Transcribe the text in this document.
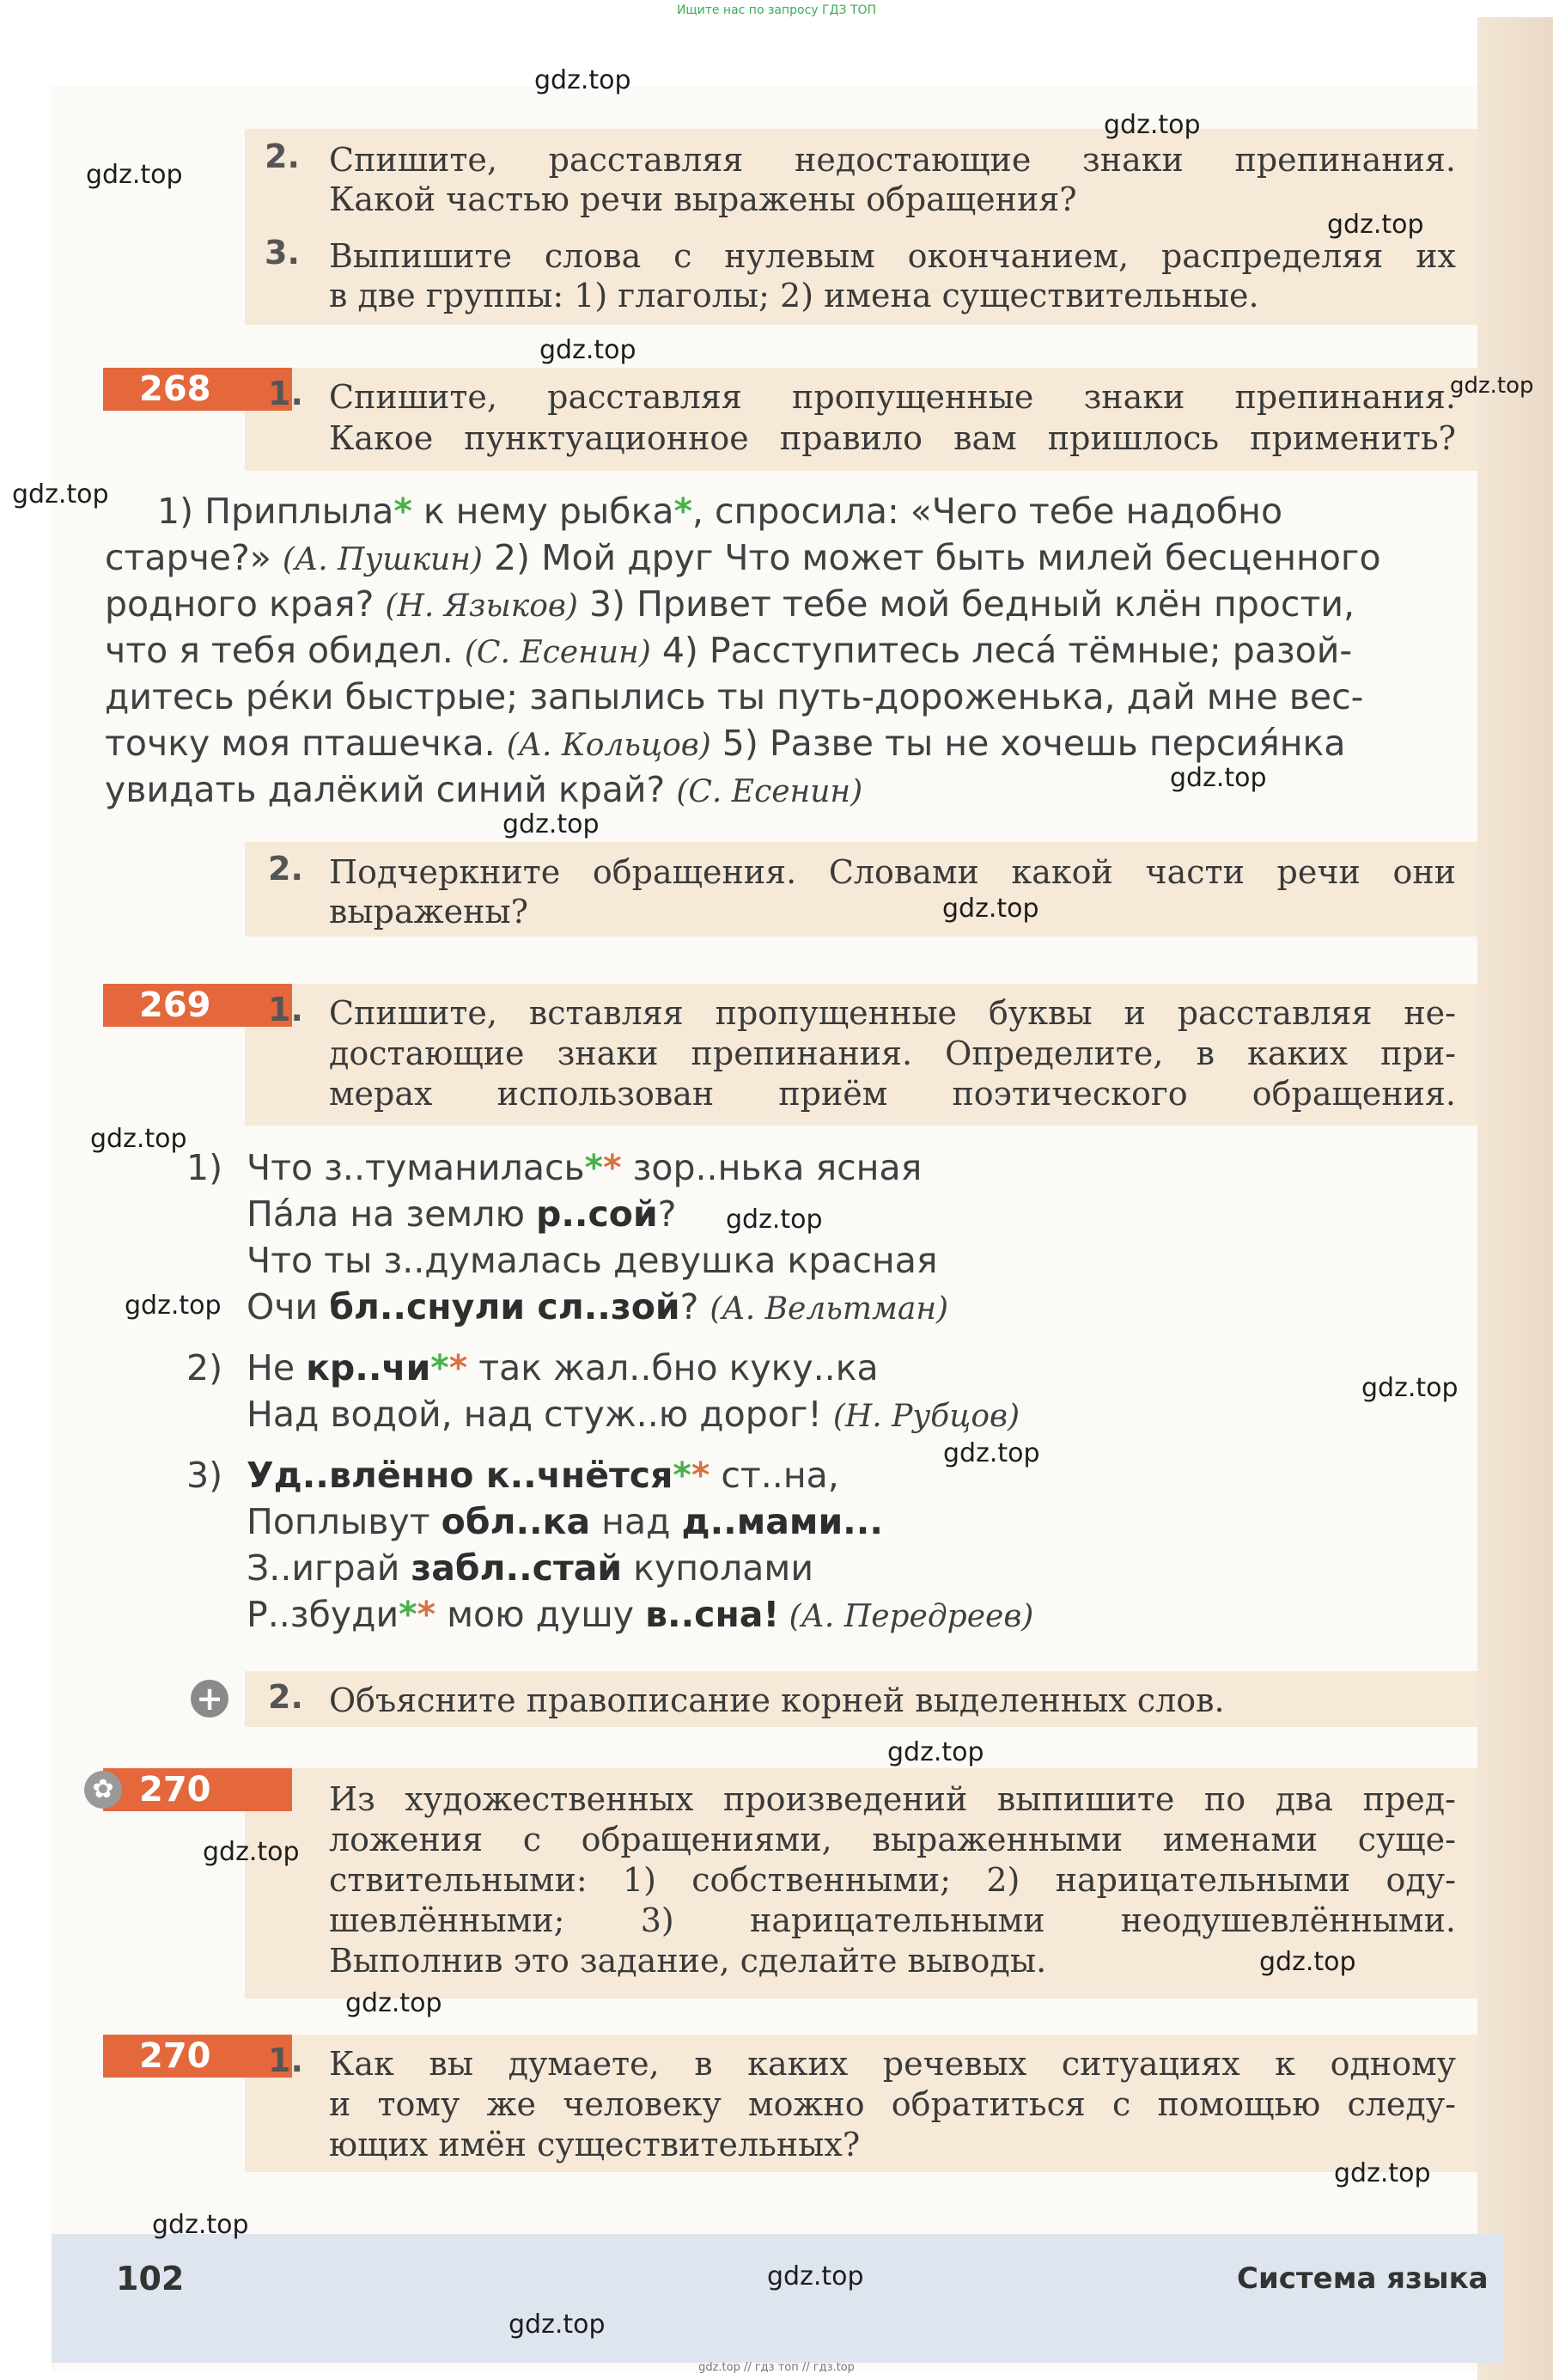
Ищите нас по запросу ГДЗ ТОП
2. Спишите, расставляя недостающие знаки препинания.
Какой частью речи выражены обращения?
3. Выпишите слова с нулевым окончанием, распределяя их
в две группы: 1) глаголы; 2) имена существительные.
268	1. Спишите, расставляя пропущенные знаки препинания.
Какое пунктуационное правило вам пришлось применить?
1) Приплыла* к нему рыбка*, спросила: «Чего тебе надобно
старче?» (А. Пушкин) 2) Мой друг Что может быть милей бесценного
родного края? (Н. Языков) 3) Привет тебе мой бедный клён прости,
что я тебя обидел. (С. Есенин) 4) Расступитесь леса́ тёмные; разой-
дитесь ре́ки быстрые; запылись ты путь-дороженька, дай мне вес-
точку моя пташечка. (А. Кольцов) 5) Разве ты не хочешь персия́нка
увидать далёкий синий край? (С. Есенин)
2. Подчеркните обращения. Словами какой части речи они
выражены?
269	1. Спишите, вставляя пропущенные буквы и расставляя не-
достающие знаки препинания. Определите, в каких при-
мерах использован приём поэтического обращения.
1) Что з..туманилась** зор..нька ясная
Па́ла на землю р..сой?
Что ты з..думалась девушка красная
Очи бл..снули сл..зой? (А. Вельтман)
2) Не кр..чи** так жал..бно куку..ка
Над водой, над стуж..ю дорог! (Н. Рубцов)
3) Уд..влённо к..чнётся** ст..на,
Поплывут обл..ка над д..мами...
З..играй забл..стай куполами
Р..збуди** мою душу в..сна! (А. Передреев)
+ 2. Объясните правописание корней выделенных слов.
270
✿	Из художественных произведений выпишите по два пред-
ложения с обращениями, выраженными именами суще-
ствительными: 1) собственными; 2) нарицательными оду-
шевлёнными; 3) нарицательными неодушевлёнными.
Выполнив это задание, сделайте выводы.
270	1. Как вы думаете, в каких речевых ситуациях к одному
и тому же человеку можно обратиться с помощью следу-
ющих имён существительных?
102	Система языка
gdz.top // гдз топ // гдз.top
gdz.top
gdz.top
gdz.top
gdz.top
gdz.top
gdz.top
gdz.top
gdz.top
gdz.top
gdz.top
gdz.top
gdz.top
gdz.top
gdz.top
gdz.top
gdz.top
gdz.top
gdz.top
gdz.top
gdz.top
gdz.top
gdz.top
gdz.top
